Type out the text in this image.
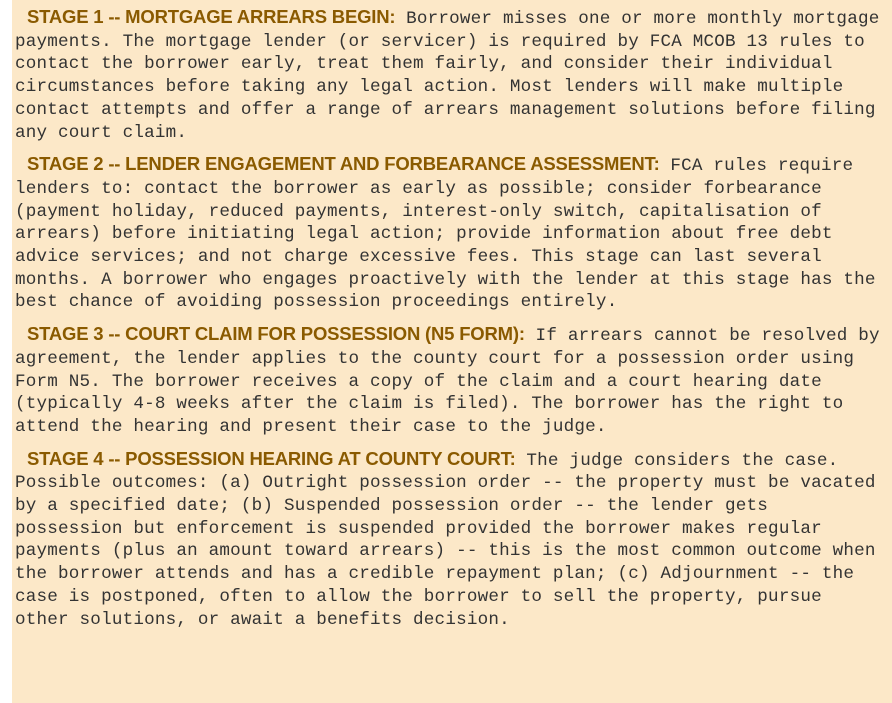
STAGE 1 -- MORTGAGE ARREARS BEGIN: Borrower misses one or more monthly mortgage payments. The mortgage lender (or servicer) is required by FCA MCOB 13 rules to contact the borrower early, treat them fairly, and consider their individual circumstances before taking any legal action. Most lenders will make multiple contact attempts and offer a range of arrears management solutions before filing any court claim.

STAGE 2 -- LENDER ENGAGEMENT AND FORBEARANCE ASSESSMENT: FCA rules require lenders to: contact the borrower as early as possible; consider forbearance (payment holiday, reduced payments, interest-only switch, capitalisation of arrears) before initiating legal action; provide information about free debt advice services; and not charge excessive fees. This stage can last several months. A borrower who engages proactively with the lender at this stage has the best chance of avoiding possession proceedings entirely.

STAGE 3 -- COURT CLAIM FOR POSSESSION (N5 FORM): If arrears cannot be resolved by agreement, the lender applies to the county court for a possession order using Form N5. The borrower receives a copy of the claim and a court hearing date (typically 4-8 weeks after the claim is filed). The borrower has the right to attend the hearing and present their case to the judge.

STAGE 4 -- POSSESSION HEARING AT COUNTY COURT: The judge considers the case. Possible outcomes: (a) Outright possession order -- the property must be vacated by a specified date; (b) Suspended possession order -- the lender gets possession but enforcement is suspended provided the borrower makes regular payments (plus an amount toward arrears) -- this is the most common outcome when the borrower attends and has a credible repayment plan; (c) Adjournment -- the case is postponed, often to allow the borrower to sell the property, pursue other solutions, or await a benefits decision.
